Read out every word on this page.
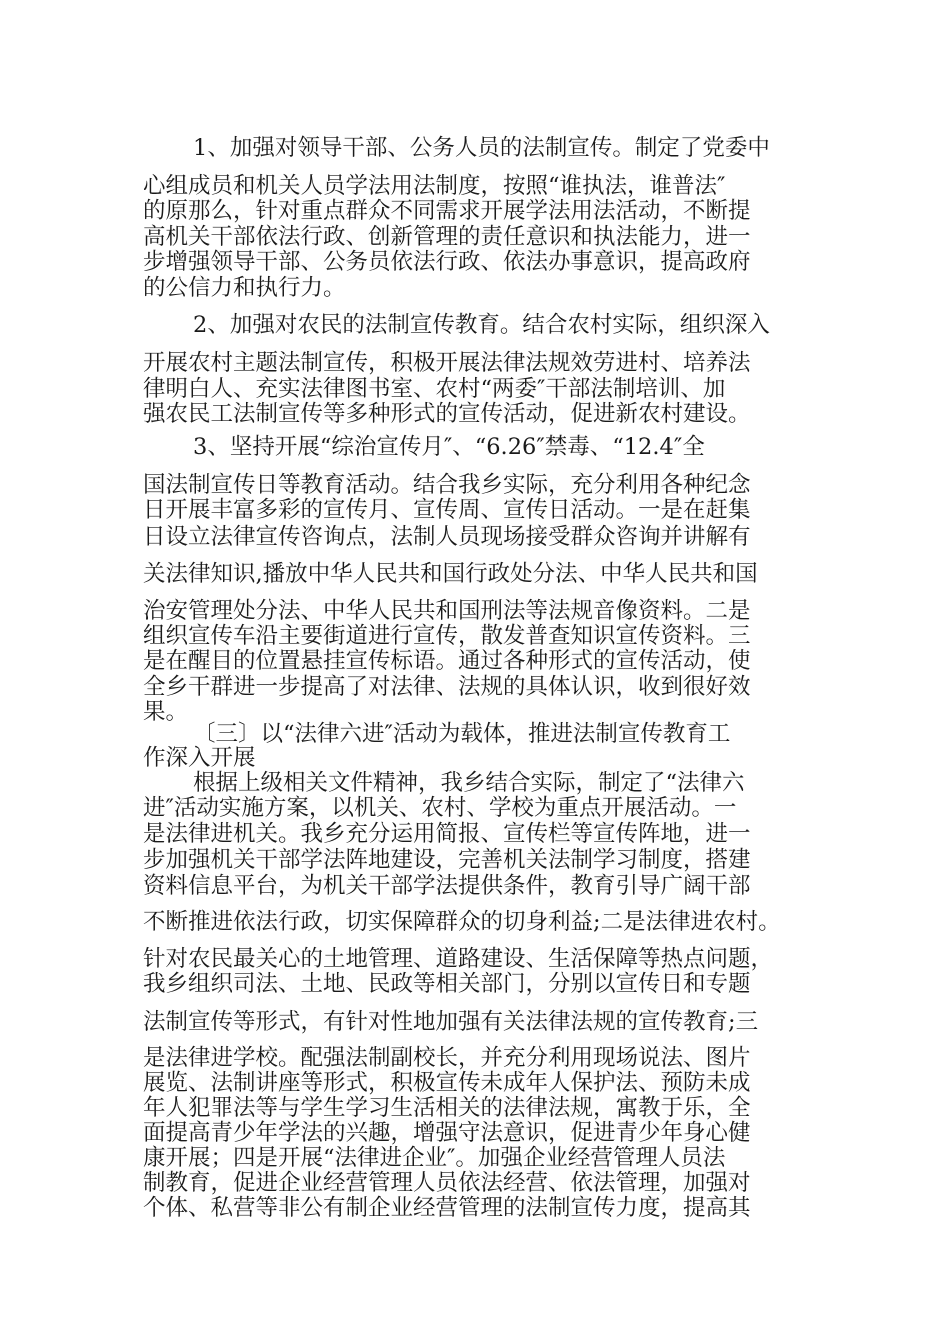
1、加强对领导干部、公务人员的法制宣传。制定了党委中

心组成员和机关人员学法用法制度，按照“谁执法，谁普法″

的原那么，针对重点群众不同需求开展学法用法活动，不断提

高机关干部依法行政、创新管理的责任意识和执法能力，进一

步增强领导干部、公务员依法行政、依法办事意识，提高政府

的公信力和执行力。

2、加强对农民的法制宣传教育。结合农村实际，组织深入

开展农村主题法制宣传，积极开展法律法规效劳进村、培养法

律明白人、充实法律图书室、农村“两委″干部法制培训、加

强农民工法制宣传等多种形式的宣传活动，促进新农村建设。

3、坚持开展“综治宣传月″、“6.26″禁毒、“12.4″全

国法制宣传日等教育活动。结合我乡实际，充分利用各种纪念

日开展丰富多彩的宣传月、宣传周、宣传日活动。一是在赶集

日设立法律宣传咨询点，法制人员现场接受群众咨询并讲解有

关法律知识,播放中华人民共和国行政处分法、中华人民共和国

治安管理处分法、中华人民共和国刑法等法规音像资料。二是

组织宣传车沿主要街道进行宣传，散发普查知识宣传资料。三

是在醒目的位置悬挂宣传标语。通过各种形式的宣传活动，使

全乡干群进一步提高了对法律、法规的具体认识，收到很好效

果。

〔三〕以“法律六进″活动为载体，推进法制宣传教育工

作深入开展

根据上级相关文件精神，我乡结合实际，制定了“法律六

进″活动实施方案，以机关、农村、学校为重点开展活动。一

是法律进机关。我乡充分运用简报、宣传栏等宣传阵地，进一

步加强机关干部学法阵地建设，完善机关法制学习制度，搭建

资料信息平台，为机关干部学法提供条件，教育引导广阔干部

不断推进依法行政，切实保障群众的切身利益;二是法律进农村。

针对农民最关心的土地管理、道路建设、生活保障等热点问题，

我乡组织司法、土地、民政等相关部门，分别以宣传日和专题

法制宣传等形式，有针对性地加强有关法律法规的宣传教育;三

是法律进学校。配强法制副校长，并充分利用现场说法、图片

展览、法制讲座等形式，积极宣传未成年人保护法、预防未成

年人犯罪法等与学生学习生活相关的法律法规，寓教于乐，全

面提高青少年学法的兴趣，增强守法意识，促进青少年身心健

康开展；四是开展“法律进企业″。加强企业经营管理人员法

制教育，促进企业经营管理人员依法经营、依法管理，加强对

个体、私营等非公有制企业经营管理的法制宣传力度，提高其
